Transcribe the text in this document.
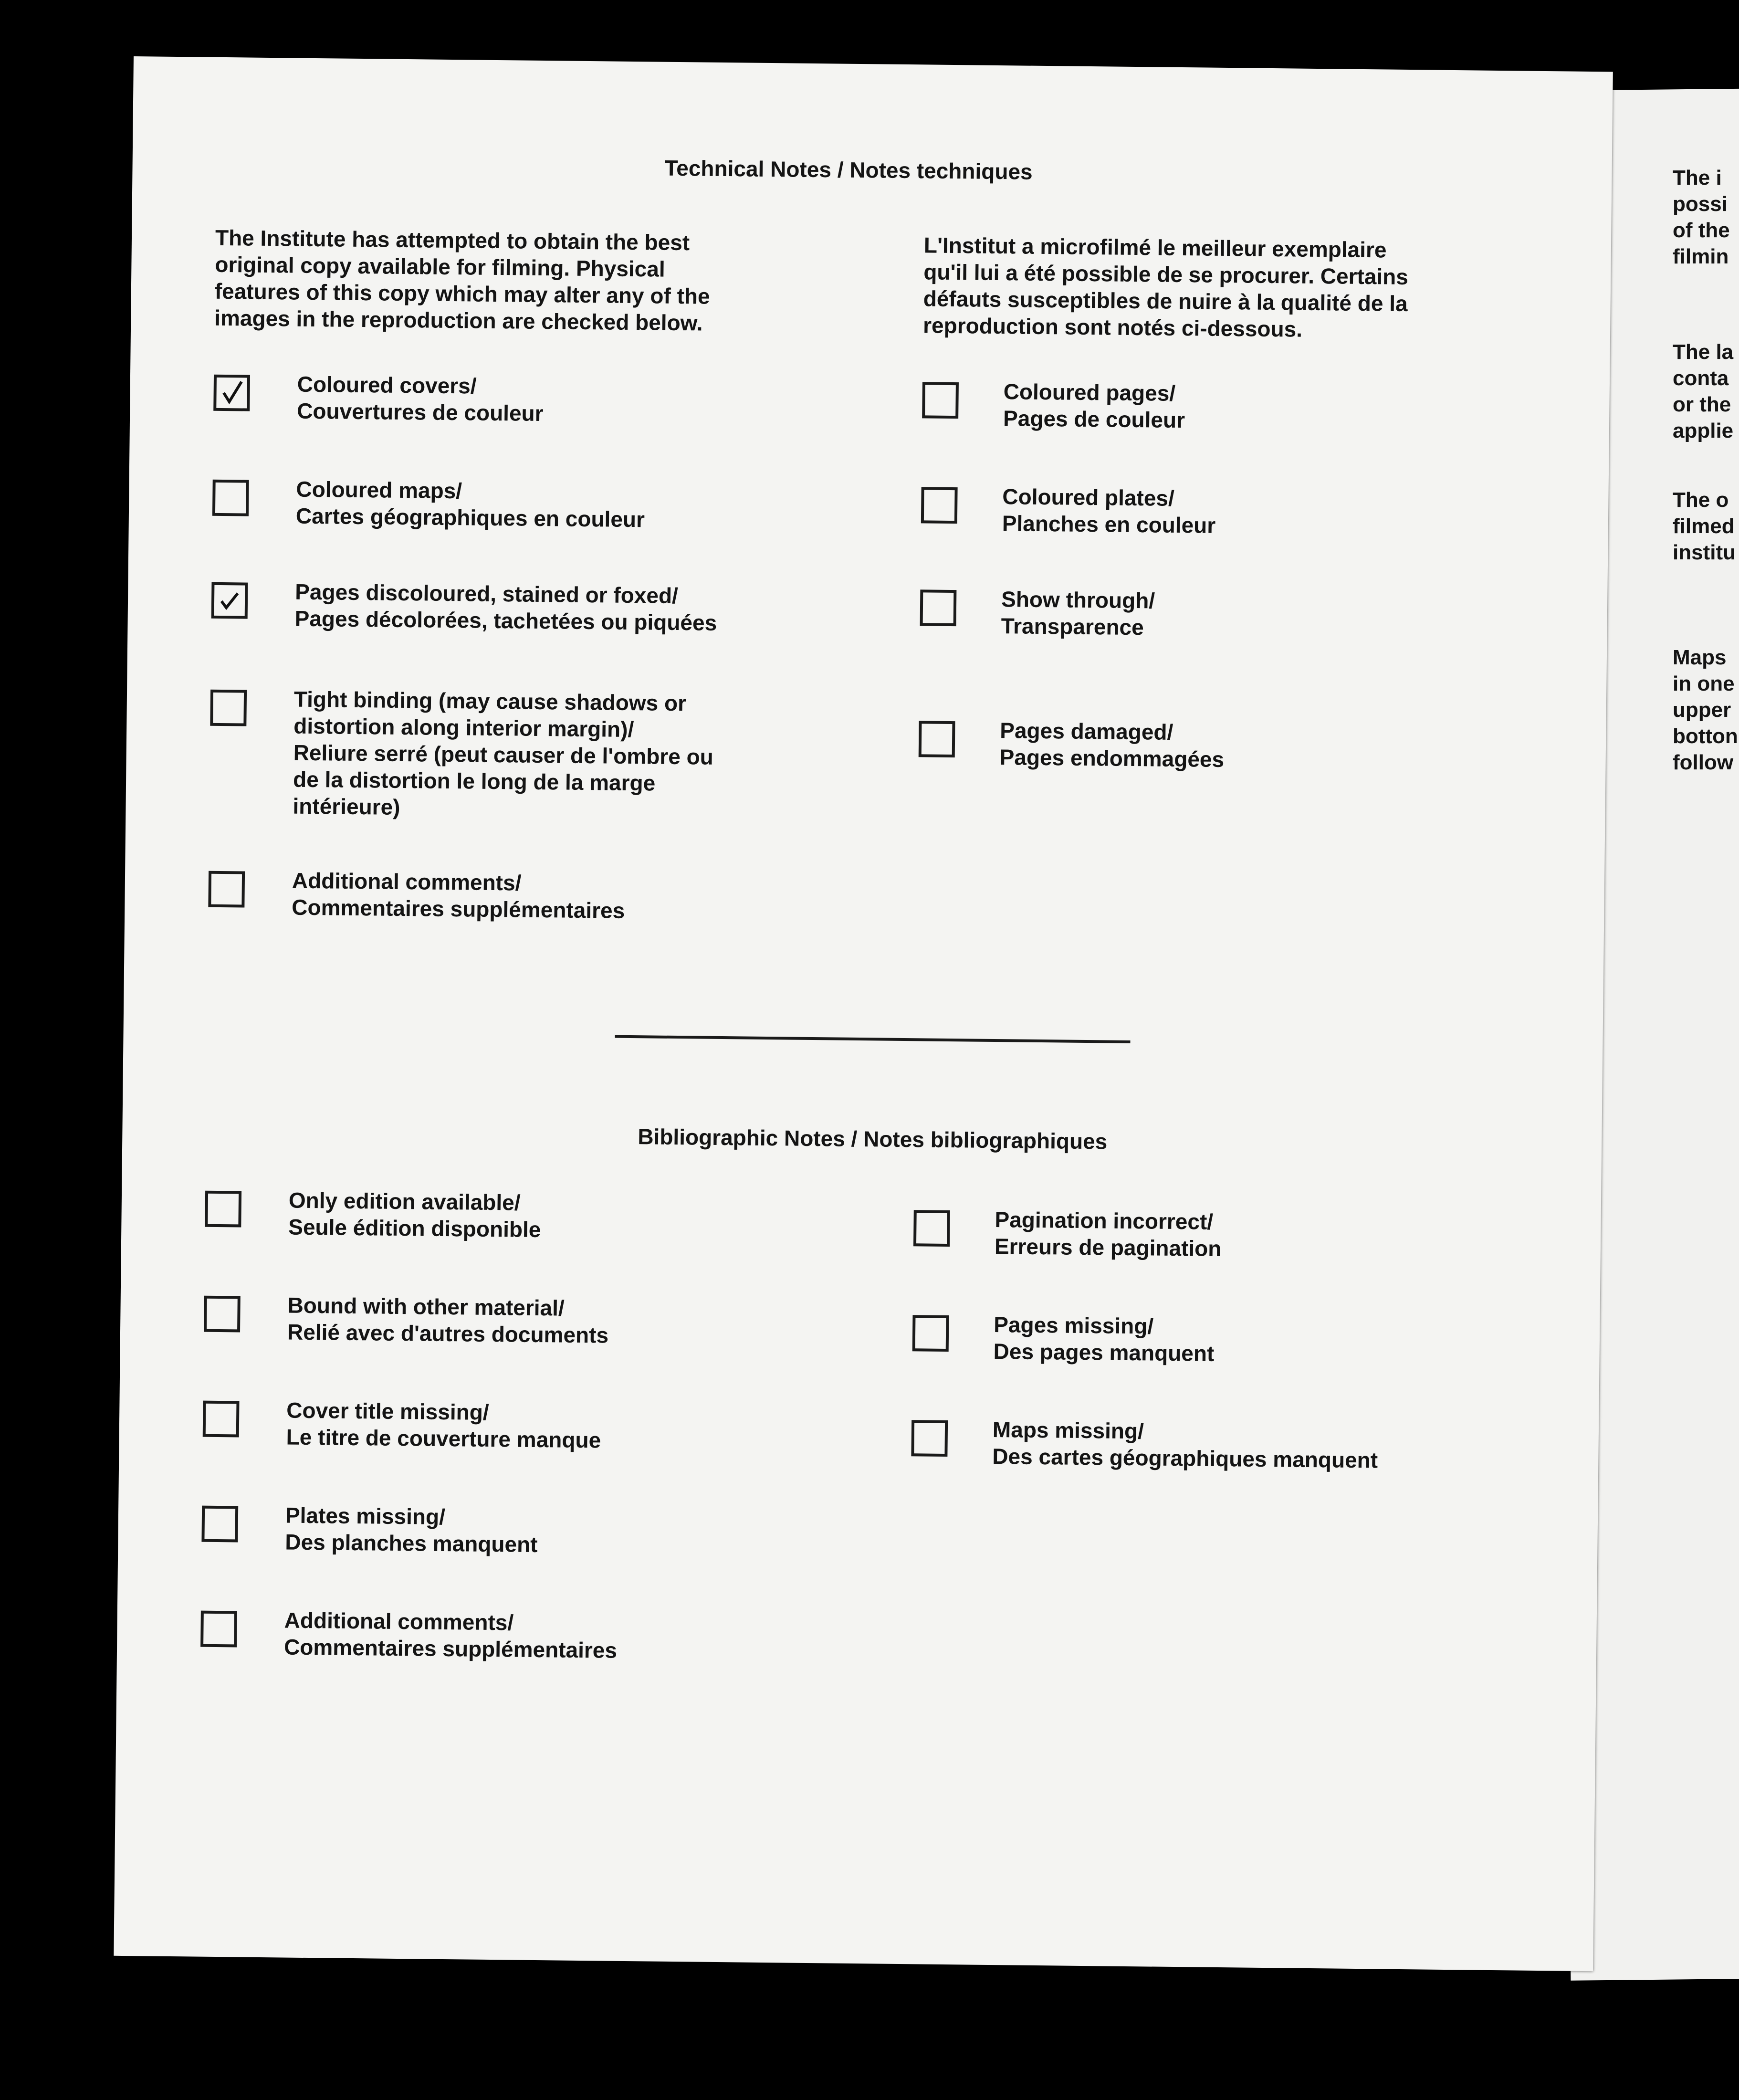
The i
possi
of the
filmin
The la
conta
or the
applie
The o
filmed
institu
Maps
in one
upper
botton
follow
Technical Notes / Notes techniques
The Institute has attempted to obtain the best
original copy available for filming. Physical
features of this copy which may alter any of the
images in the reproduction are checked below.
L'Institut a microfilmé le meilleur exemplaire
qu'il lui a été possible de se procurer. Certains
défauts susceptibles de nuire à la qualité de la
reproduction sont notés ci-dessous.
Coloured covers/
Couvertures de couleur
Coloured maps/
Cartes géographiques en couleur
Pages discoloured, stained or foxed/
Pages décolorées, tachetées ou piquées
Tight binding (may cause shadows or
distortion along interior margin)/
Reliure serré (peut causer de l'ombre ou
de la distortion le long de la marge
intérieure)
Additional comments/
Commentaires supplémentaires
Coloured pages/
Pages de couleur
Coloured plates/
Planches en couleur
Show through/
Transparence
Pages damaged/
Pages endommagées
Bibliographic Notes / Notes bibliographiques
Only edition available/
Seule édition disponible
Bound with other material/
Relié avec d'autres documents
Cover title missing/
Le titre de couverture manque
Plates missing/
Des planches manquent
Additional comments/
Commentaires supplémentaires
Pagination incorrect/
Erreurs de pagination
Pages missing/
Des pages manquent
Maps missing/
Des cartes géographiques manquent
